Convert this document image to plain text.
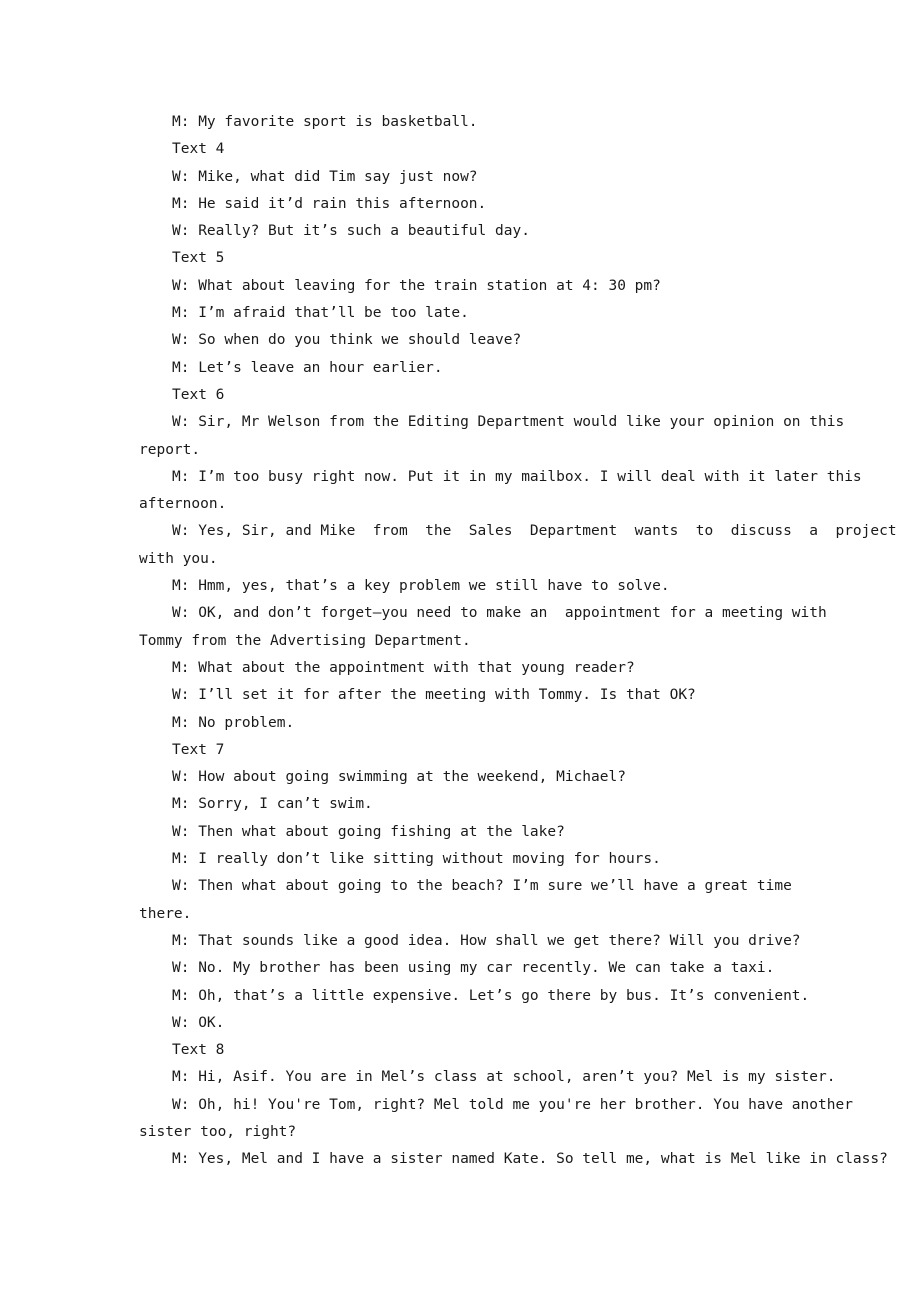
M: My favorite sport is basketball.

Text 4

W: Mike, what did Tim say just now?

M: He said it’d rain this afternoon.

W: Really? But it’s such a beautiful day.

Text 5

W: What about leaving for the train station at 4: 30 pm?

M: I’m afraid that’ll be too late.

W: So when do you think we should leave?

M: Let’s leave an hour earlier.

Text 6

W: Sir, Mr Welson from the Editing Department would like your opinion on this

report.

M: I’m too busy right now. Put it in my mailbox. I will deal with it later this

afternoon.

W: Yes, Sir, and Mike  from  the  Sales  Department  wants  to  discuss  a  project

with you.

M: Hmm, yes, that’s a key problem we still have to solve.

W: OK, and don’t forget—you need to make an  appointment for a meeting with

Tommy from the Advertising Department.

M: What about the appointment with that young reader?

W: I’ll set it for after the meeting with Tommy. Is that OK?

M: No problem.

Text 7

W: How about going swimming at the weekend, Michael?

M: Sorry, I can’t swim.

W: Then what about going fishing at the lake?

M: I really don’t like sitting without moving for hours.

W: Then what about going to the beach? I’m sure we’ll have a great time

there.

M: That sounds like a good idea. How shall we get there? Will you drive?

W: No. My brother has been using my car recently. We can take a taxi.

M: Oh, that’s a little expensive. Let’s go there by bus. It’s convenient.

W: OK.

Text 8

M: Hi, Asif. You are in Mel’s class at school, aren’t you? Mel is my sister.

W: Oh, hi! You're Tom, right? Mel told me you're her brother. You have another

sister too, right?

M: Yes, Mel and I have a sister named Kate. So tell me, what is Mel like in class?
